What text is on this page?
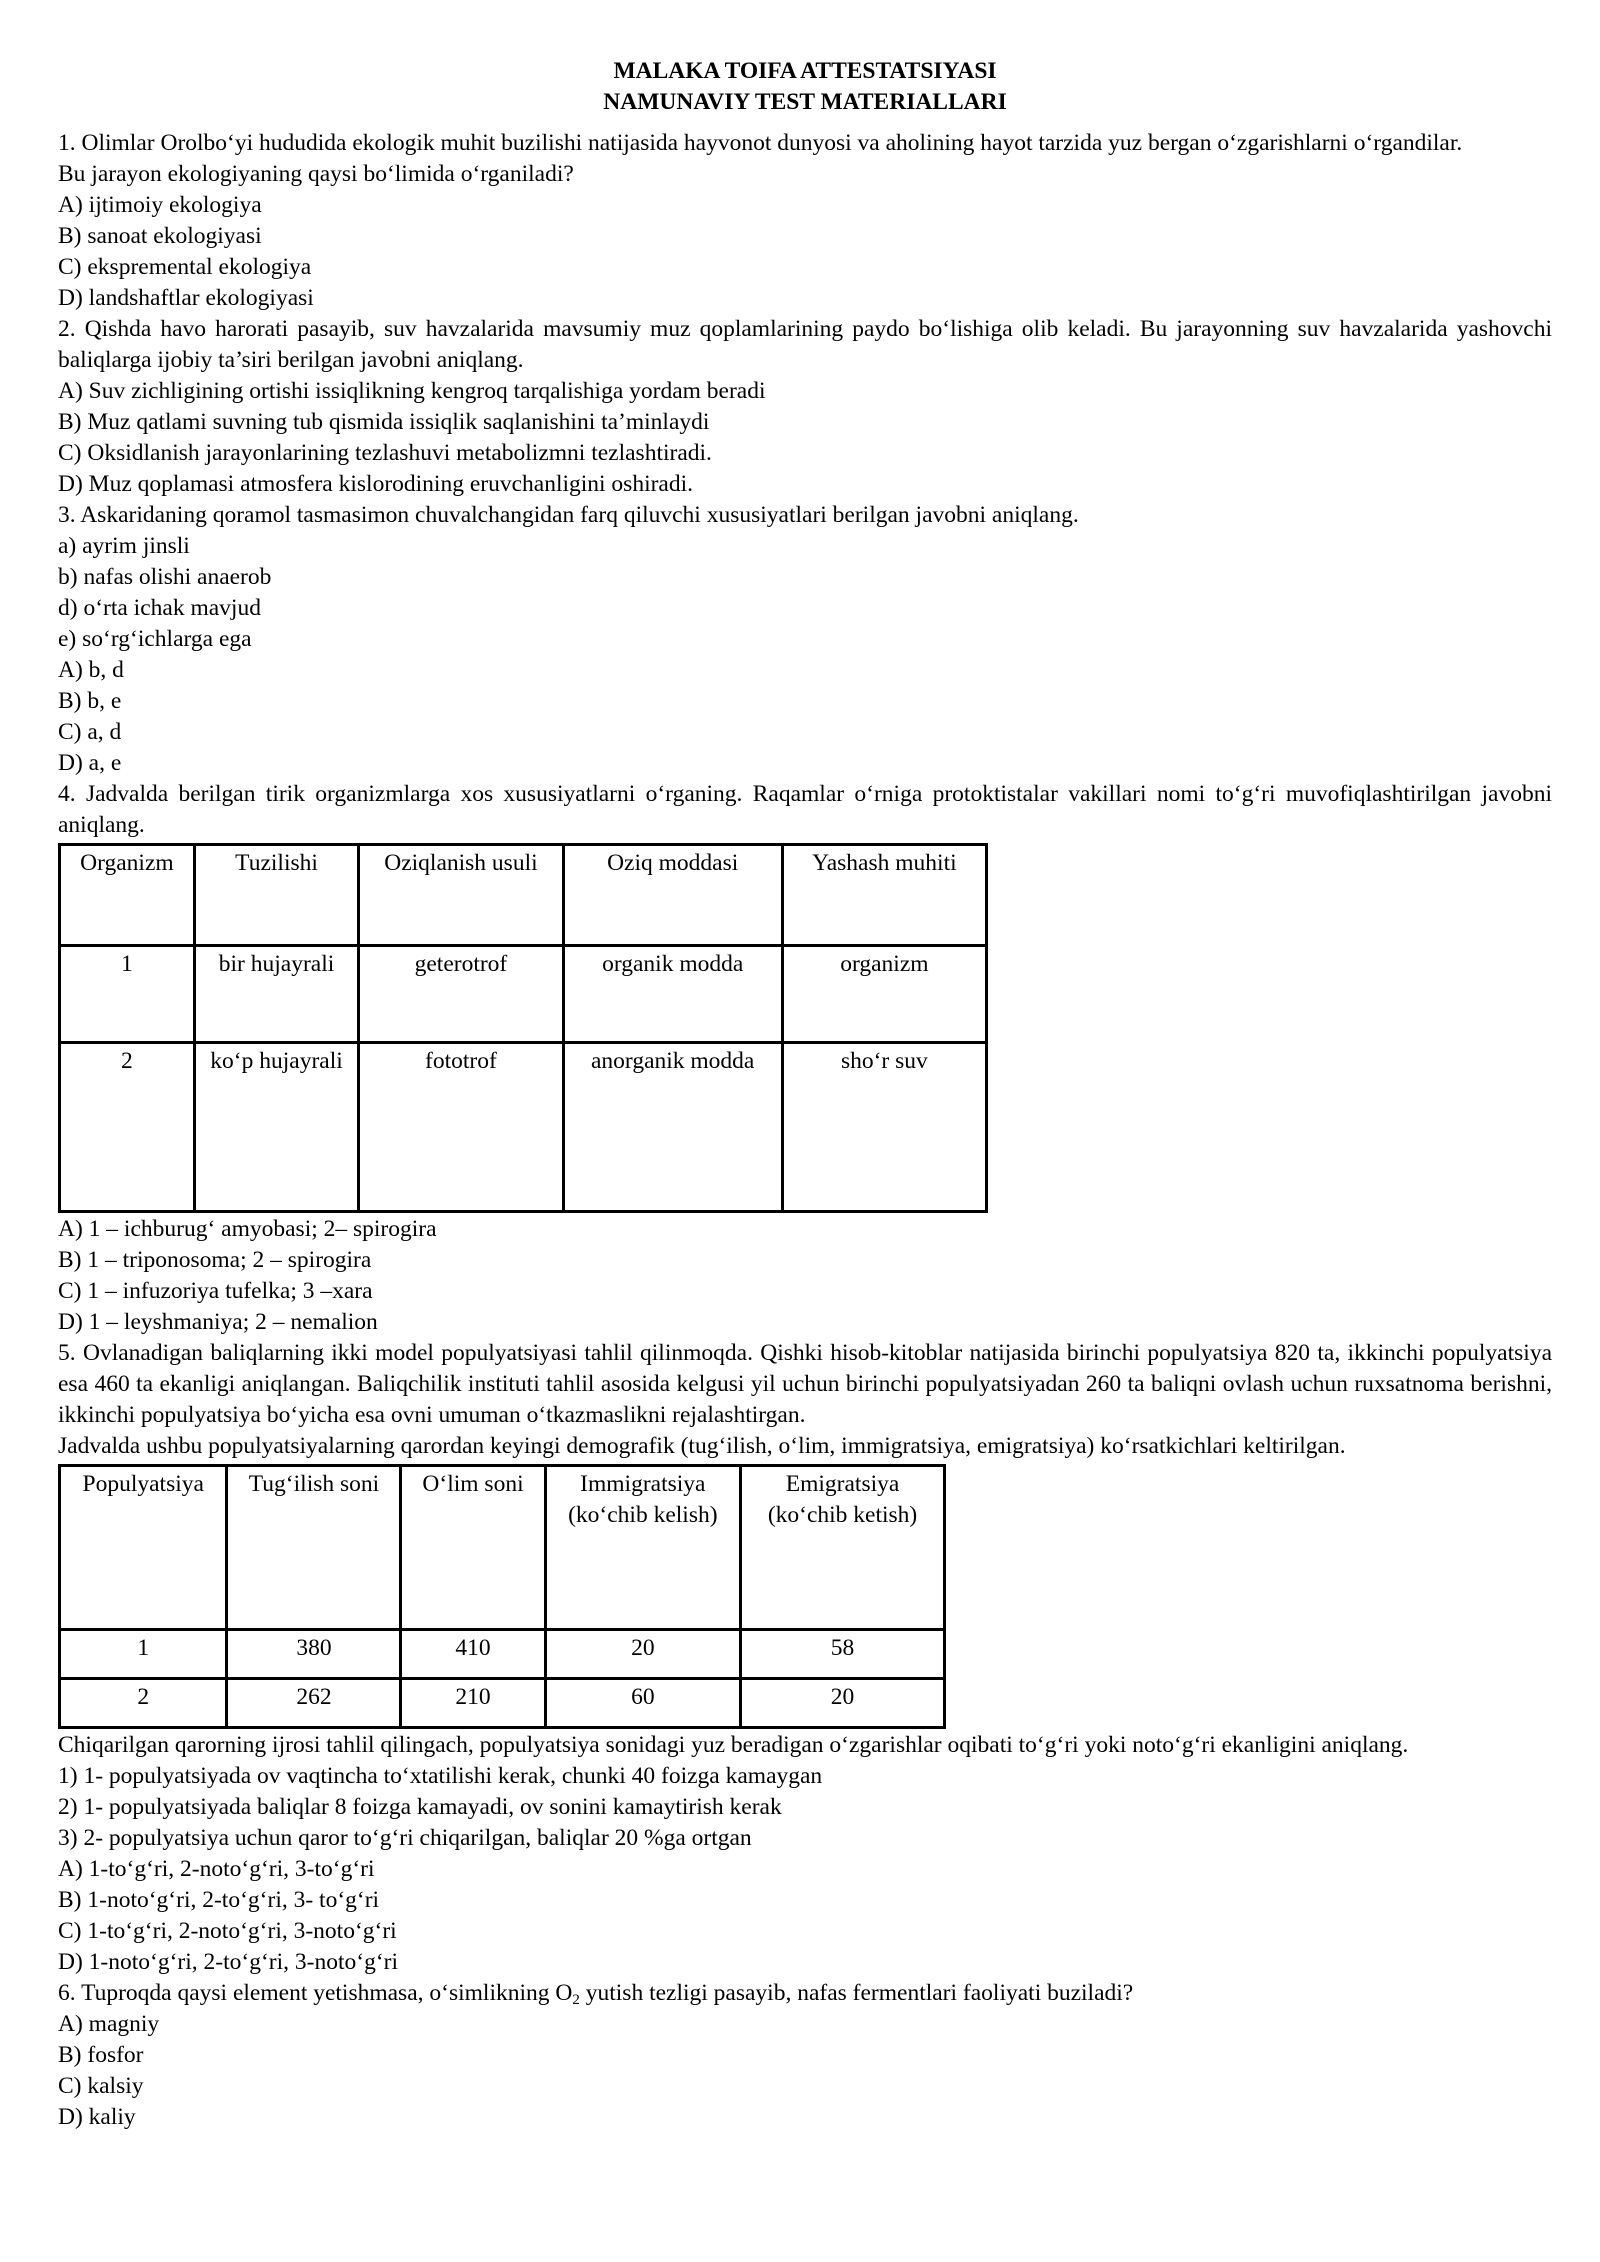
MALAKA TOIFA ATTESTATSIYASI
NAMUNAVIY TEST MATERIALLARI

1. Olimlar Orolbo‘yi hududida ekologik muhit buzilishi natijasida hayvonot dunyosi va aholining hayot tarzida yuz bergan o‘zgarishlarni o‘rgandilar.

Bu jarayon ekologiyaning qaysi bo‘limida o‘rganiladi?

A) ijtimoiy ekologiya

B) sanoat ekologiyasi

C) ekspremental ekologiya

D) landshaftlar ekologiyasi

2. Qishda havo harorati pasayib, suv havzalarida mavsumiy muz qoplamlarining paydo bo‘lishiga olib keladi. Bu jarayonning suv havzalarida yashovchi baliqlarga ijobiy ta’siri berilgan javobni aniqlang.

A) Suv zichligining ortishi issiqlikning kengroq tarqalishiga yordam beradi

B) Muz qatlami suvning tub qismida issiqlik saqlanishini ta’minlaydi

C) Oksidlanish jarayonlarining tezlashuvi metabolizmni tezlashtiradi.

D) Muz qoplamasi atmosfera kislorodining eruvchanligini oshiradi.

3. Askaridaning qoramol tasmasimon chuvalchangidan farq qiluvchi xususiyatlari berilgan javobni aniqlang.

a) ayrim jinsli

b) nafas olishi anaerob

d) o‘rta ichak mavjud

e) so‘rg‘ichlarga ega

A) b, d

B) b, e

C) a, d

D) a, e

4. Jadvalda berilgan tirik organizmlarga xos xususiyatlarni o‘rganing. Raqamlar o‘rniga protoktistalar vakillari nomi to‘g‘ri muvofiqlashtirilgan javobni aniqlang.

Organizm	Tuzilishi	Oziqlanish usuli	Oziq moddasi	Yashash muhiti
1	bir hujayrali	geterotrof	organik modda	organizm
2	ko‘p hujayrali	fototrof	anorganik modda	sho‘r suv

A) 1 – ichburug‘ amyobasi; 2– spirogira

B) 1 – triponosoma; 2 – spirogira

C) 1 – infuzoriya tufelka; 3 –xara

D) 1 – leyshmaniya; 2 – nemalion

5. Ovlanadigan baliqlarning ikki model populyatsiyasi tahlil qilinmoqda. Qishki hisob-kitoblar natijasida birinchi populyatsiya 820 ta, ikkinchi populyatsiya esa 460 ta ekanligi aniqlangan. Baliqchilik instituti tahlil asosida kelgusi yil uchun birinchi populyatsiyadan 260 ta baliqni ovlash uchun ruxsatnoma berishni, ikkinchi populyatsiya bo‘yicha esa ovni umuman o‘tkazmaslikni rejalashtirgan.

Jadvalda ushbu populyatsiyalarning qarordan keyingi demografik (tug‘ilish, o‘lim, immigratsiya, emigratsiya) ko‘rsatkichlari keltirilgan.

Populyatsiya	Tug‘ilish soni	O‘lim soni	Immigratsiya (ko‘chib kelish)	Emigratsiya (ko‘chib ketish)
1	380	410	20	58
2	262	210	60	20

Chiqarilgan qarorning ijrosi tahlil qilingach, populyatsiya sonidagi yuz beradigan o‘zgarishlar oqibati to‘g‘ri yoki noto‘g‘ri ekanligini aniqlang.

1) 1- populyatsiyada ov vaqtincha to‘xtatilishi kerak, chunki 40 foizga kamaygan

2) 1- populyatsiyada baliqlar 8 foizga kamayadi, ov sonini kamaytirish kerak

3) 2- populyatsiya uchun qaror to‘g‘ri chiqarilgan, baliqlar 20 %ga ortgan

A) 1-to‘g‘ri, 2-noto‘g‘ri, 3-to‘g‘ri

B) 1-noto‘g‘ri, 2-to‘g‘ri, 3- to‘g‘ri

C) 1-to‘g‘ri, 2-noto‘g‘ri, 3-noto‘g‘ri

D) 1-noto‘g‘ri, 2-to‘g‘ri, 3-noto‘g‘ri

6. Tuproqda qaysi element yetishmasa, o‘simlikning $O_2$ yutish tezligi pasayib, nafas fermentlari faoliyati buziladi?

A) magniy

B) fosfor

C) kalsiy

D) kaliy
